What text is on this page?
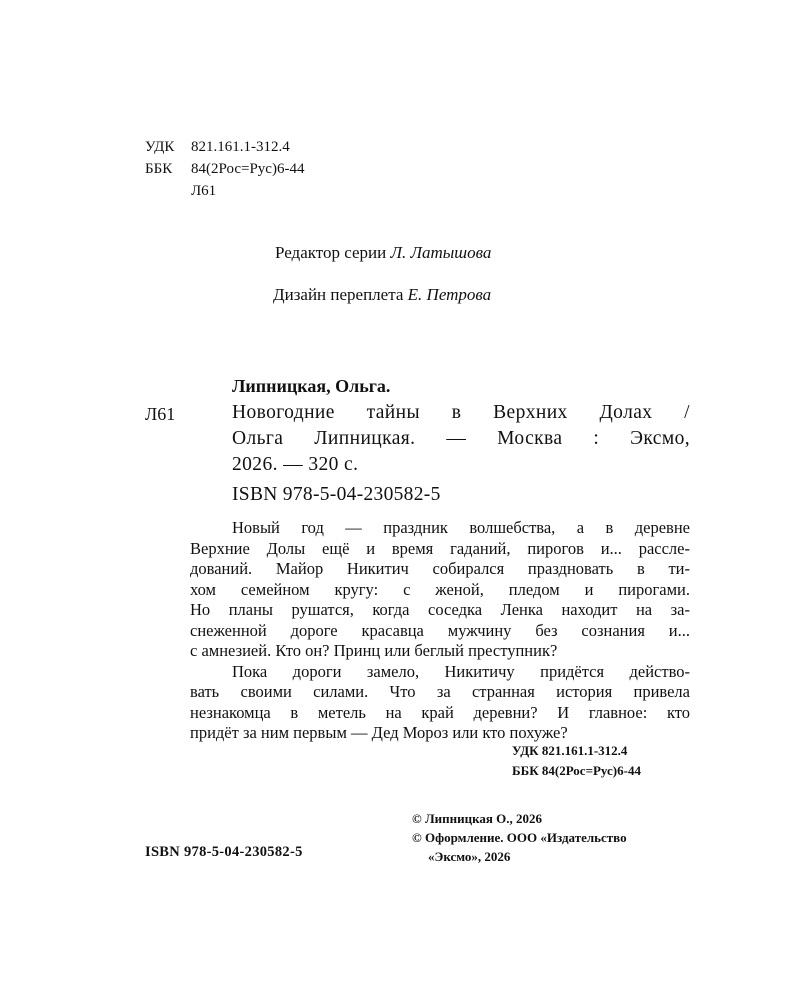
УДК 821.161.1-312.4
ББК 84(2Рос=Рус)6-44
Л61
Редактор серии Л. Латышова
Дизайн переплета Е. Петрова
Липницкая, Ольга.
Л61	Новогодние тайны в Верхних Долах /
Ольга Липницкая. — Москва : Эксмо,
2026. — 320 с.
ISBN 978-5-04-230582-5
Новый год — праздник волшебства, а в деревне
Верхние Долы ещё и время гаданий, пирогов и... рассле-
дований. Майор Никитич собирался праздновать в ти-
хом семейном кругу: с женой, пледом и пирогами.
Но планы рушатся, когда соседка Ленка находит на за-
снеженной дороге красавца мужчину без сознания и...
с амнезией. Кто он? Принц или беглый преступник?
Пока дороги замело, Никитичу придётся действо-
вать своими силами. Что за странная история привела
незнакомца в метель на край деревни? И главное: кто
придёт за ним первым — Дед Мороз или кто похуже?
УДК 821.161.1-312.4
ББК 84(2Рос=Рус)6-44
© Липницкая О., 2026
© Оформление. ООО «Издательство
«Эксмо», 2026
ISBN 978-5-04-230582-5
